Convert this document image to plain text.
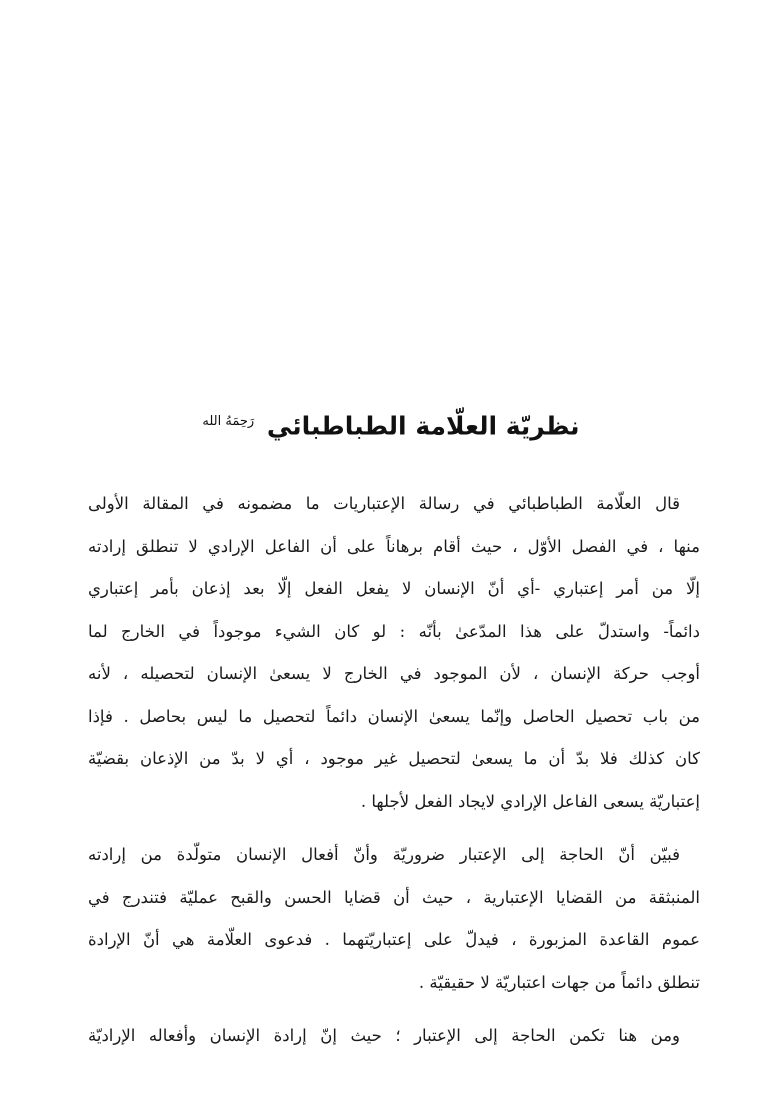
نظريّة العلّامة الطباطبائي $^{رَحِمَهُ الله}$
قال العلّامة الطباطبائي في رسالة الإعتباريات ما مضمونه في المقالة الأولى
منها ، في الفصل الأوّل ، حيث أقام برهاناً على أن الفاعل الإرادي لا تنطلق إرادته
إلّا من أمر إعتباري -أي أنّ الإنسان لا يفعل الفعل إلّا بعد إذعان بأمر إعتباري
دائماً- واستدلّ على هذا المدّعىٰ بأنّه : لو كان الشيء موجوداً في الخارج لما
أوجب حركة الإنسان ، لأن الموجود في الخارج لا يسعىٰ الإنسان لتحصيله ، لأنه
من باب تحصيل الحاصل وإنّما يسعىٰ الإنسان دائماً لتحصيل ما ليس بحاصل . فإذا
كان كذلك فلا بدّ أن ما يسعىٰ لتحصيل غير موجود ، أي لا بدّ من الإذعان بقضيّة
إعتباريّة يسعى الفاعل الإرادي لايجاد الفعل لأجلها .
فبيّن أنّ الحاجة إلى الإعتبار ضروريّة وأنّ أفعال الإنسان متولّدة من إرادته
المنبثقة من القضايا الإعتبارية ، حيث أن قضايا الحسن والقبح عمليّة فتندرج في
عموم القاعدة المزبورة ، فيدلّ على إعتباريّتهما . فدعوى العلّامة هي أنّ الإرادة
تنطلق دائماً من جهات اعتباريّة لا حقيقيّة .
ومن هنا تكمن الحاجة إلى الإعتبار ؛ حيث إنّ إرادة الإنسان وأفعاله الإراديّة
